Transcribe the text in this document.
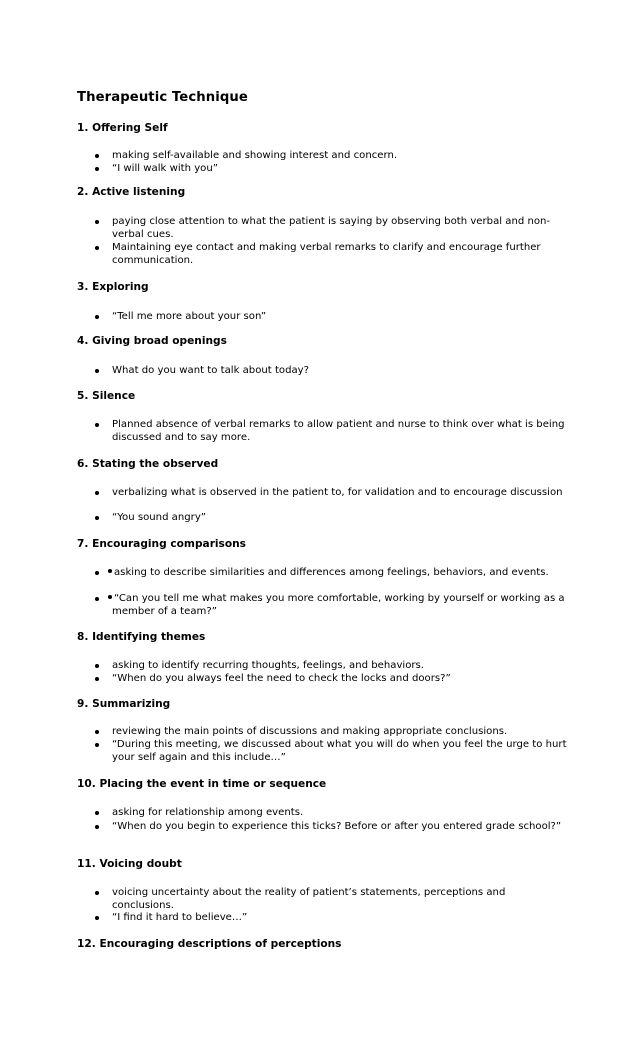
Therapeutic Technique
1. Offering Self
making self-available and showing interest and concern.
“I will walk with you”
2. Active listening
paying close attention to what the patient is saying by observing both verbal and non-verbal cues.
Maintaining eye contact and making verbal remarks to clarify and encourage further communication.
3. Exploring
“Tell me more about your son”
4. Giving broad openings
What do you want to talk about today?
5. Silence
Planned absence of verbal remarks to allow patient and nurse to think over what is being discussed and to say more.
6. Stating the observed
verbalizing what is observed in the patient to, for validation and to encourage discussion
“You sound angry”
7. Encouraging comparisons
asking to describe similarities and differences among feelings, behaviors, and events.
“Can you tell me what makes you more comfortable, working by yourself or working as a member of a team?”
8. Identifying themes
asking to identify recurring thoughts, feelings, and behaviors.
“When do you always feel the need to check the locks and doors?”
9. Summarizing
reviewing the main points of discussions and making appropriate conclusions.
“During this meeting, we discussed about what you will do when you feel the urge to hurt your self again and this include…”
10. Placing the event in time or sequence
asking for relationship among events.
“When do you begin to experience this ticks? Before or after you entered grade school?”
11. Voicing doubt
voicing uncertainty about the reality of patient’s statements, perceptions and conclusions.
“I find it hard to believe…”
12. Encouraging descriptions of perceptions
